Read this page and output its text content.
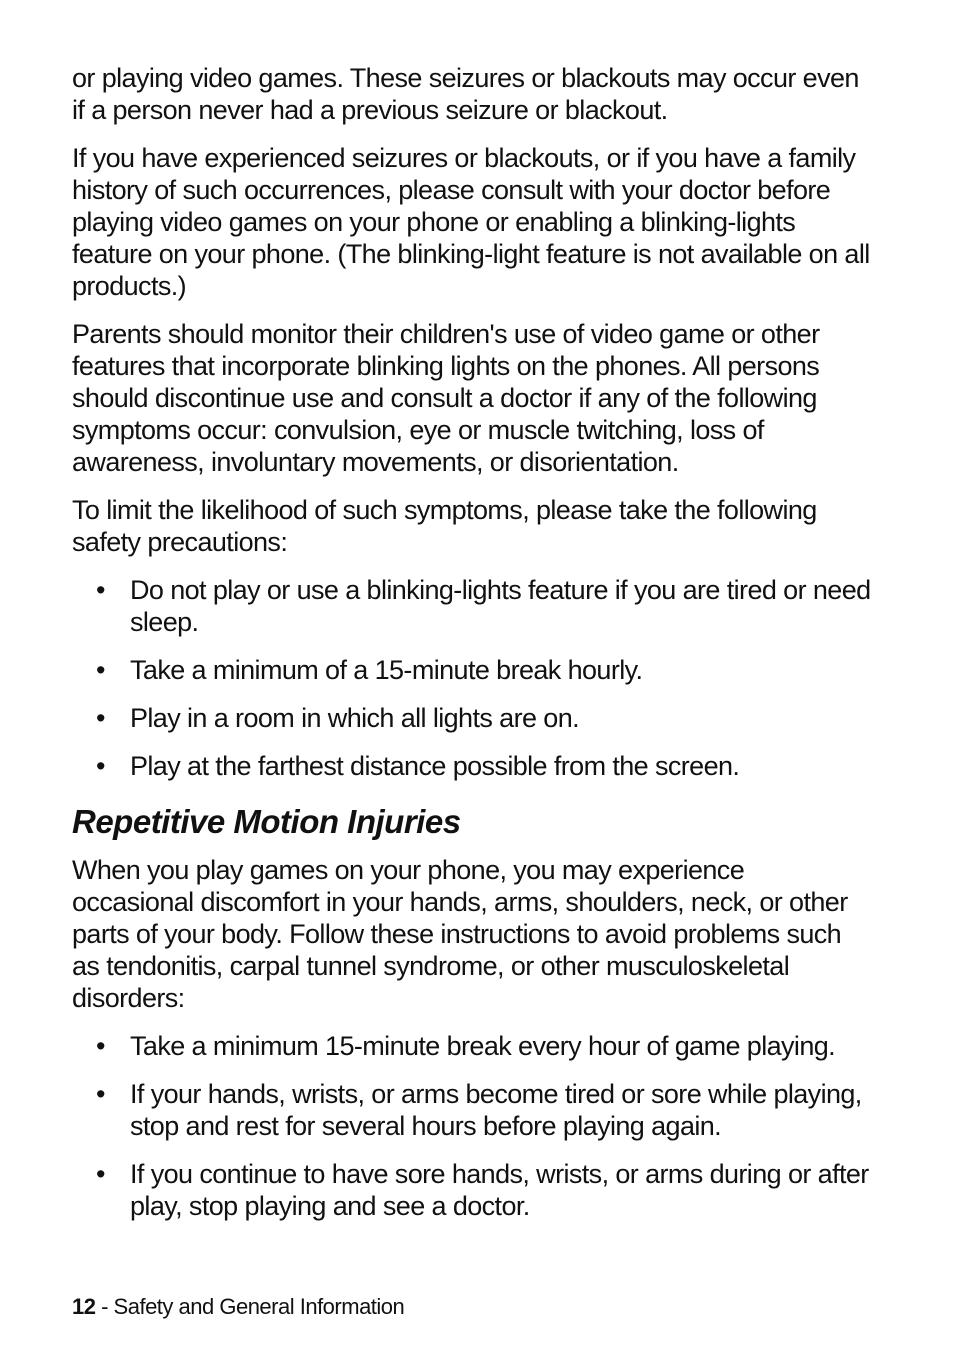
or playing video games. These seizures or blackouts may occur even if a person never had a previous seizure or blackout.

If you have experienced seizures or blackouts, or if you have a family history of such occurrences, please consult with your doctor before playing video games on your phone or enabling a blinking-lights feature on your phone. (The blinking-light feature is not available on all products.)

Parents should monitor their children's use of video game or other features that incorporate blinking lights on the phones. All persons should discontinue use and consult a doctor if any of the following symptoms occur: convulsion, eye or muscle twitching, loss of awareness, involuntary movements, or disorientation.

To limit the likelihood of such symptoms, please take the following safety precautions:

• Do not play or use a blinking-lights feature if you are tired or need sleep.
• Take a minimum of a 15-minute break hourly.
• Play in a room in which all lights are on.
• Play at the farthest distance possible from the screen.
Repetitive Motion Injuries

When you play games on your phone, you may experience occasional discomfort in your hands, arms, shoulders, neck, or other parts of your body. Follow these instructions to avoid problems such as tendonitis, carpal tunnel syndrome, or other musculoskeletal disorders:

• Take a minimum 15-minute break every hour of game playing.
• If your hands, wrists, or arms become tired or sore while playing, stop and rest for several hours before playing again.
• If you continue to have sore hands, wrists, or arms during or after play, stop playing and see a doctor.
12 - Safety and General Information
